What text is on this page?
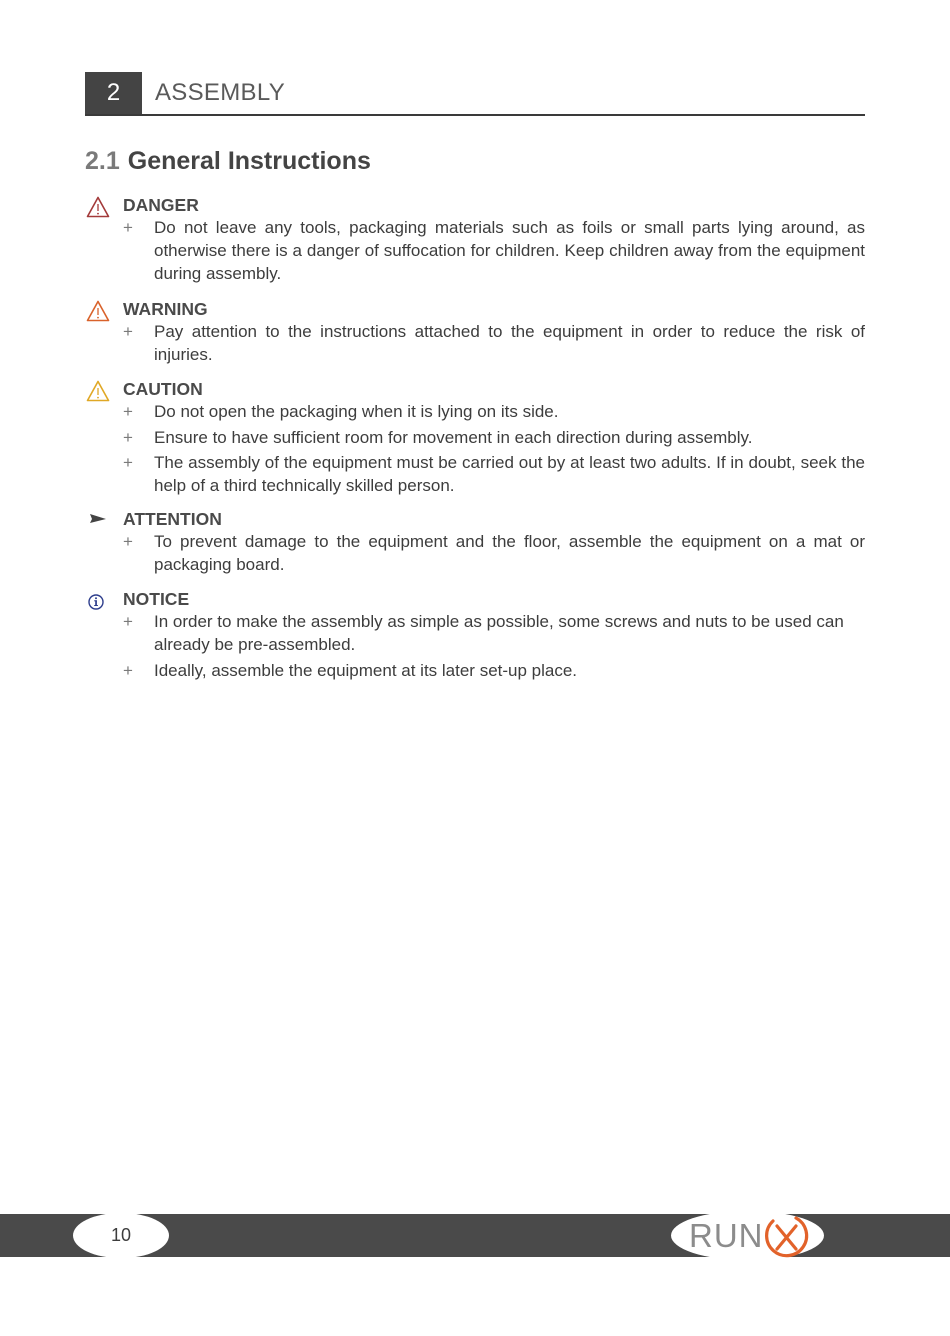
2	ASSEMBLY
2.1 General Instructions
DANGER
+ Do not leave any tools, packaging materials such as foils or small parts lying around, as otherwise there is a danger of suffocation for children. Keep children away from the equipment during assembly.
WARNING
+ Pay attention to the instructions attached to the equipment in order to reduce the risk of injuries.
CAUTION
+ Do not open the packaging when it is lying on its side.
+ Ensure to have sufficient room for movement in each direction during assembly.
+ The assembly of the equipment must be carried out by at least two adults. If in doubt, seek the help of a third technically skilled person.
ATTENTION
+ To prevent damage to the equipment and the floor, assemble the equipment on a mat or packaging board.
NOTICE
+ In order to make the assembly as simple as possible, some screws and nuts to be used can already be pre-assembled.
+ Ideally, assemble the equipment at its later set-up place.
10	RUN
